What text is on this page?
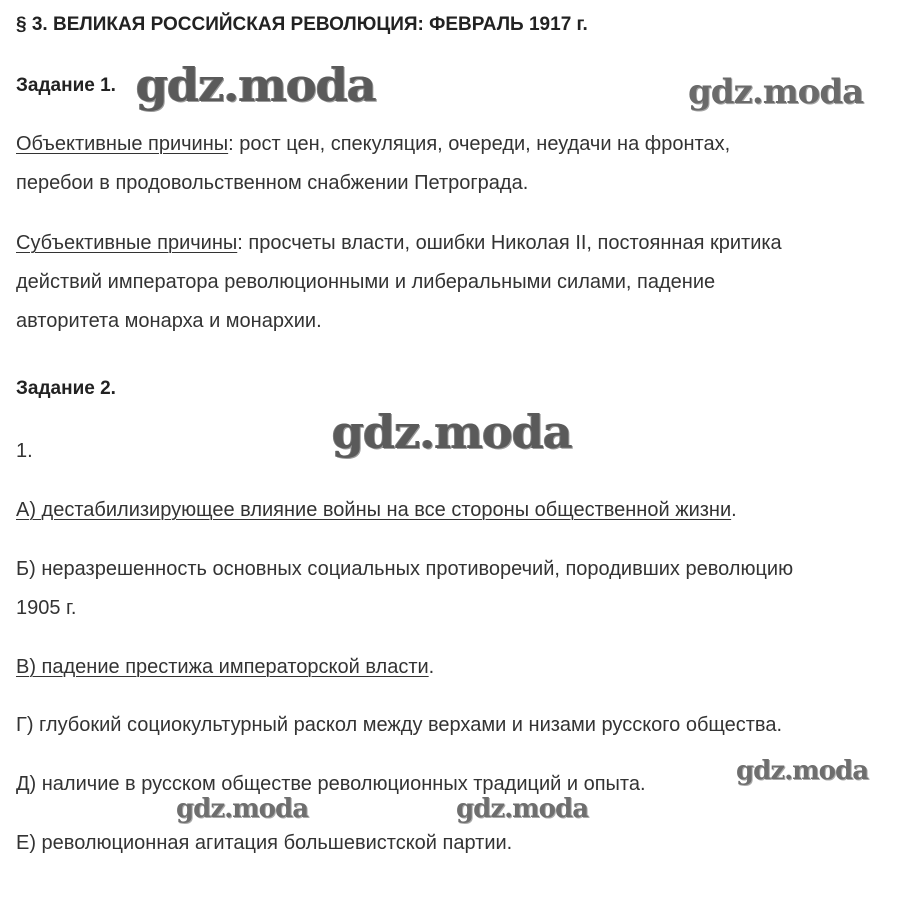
§ 3. ВЕЛИКАЯ РОССИЙСКАЯ РЕВОЛЮЦИЯ: ФЕВРАЛЬ 1917 г.
Задание 1.
Объективные причины: рост цен, спекуляция, очереди, неудачи на фронтах,
перебои в продовольственном снабжении Петрограда.
Субъективные причины: просчеты власти, ошибки Николая II, постоянная критика
действий императора революционными и либеральными силами, падение
авторитета монарха и монархии.
Задание 2.
1.
А) дестабилизирующее влияние войны на все стороны общественной жизни.
Б) неразрешенность основных социальных противоречий, породивших революцию
1905 г.
В) падение престижа императорской власти.
Г) глубокий социокультурный раскол между верхами и низами русского общества.
Д) наличие в русском обществе революционных традиций и опыта.
Е) революционная агитация большевистской партии.
gdz.moda	gdz.moda
gdz.moda
gdz.moda
gdz.moda	gdz.moda
